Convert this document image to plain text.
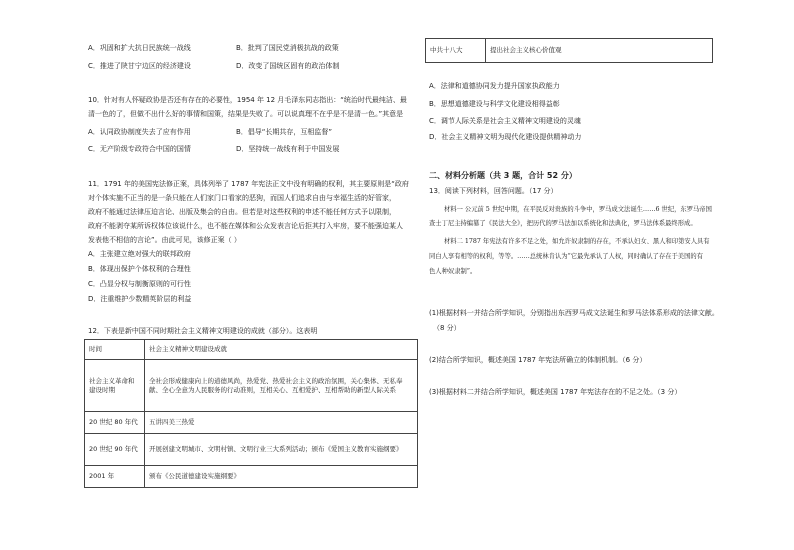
A．巩固和扩大抗日民族统一战线	B．批判了国民党消极抗战的政策
C．推进了陕甘宁边区的经济建设	D．改变了国统区固有的政治体制
10．针对有人怀疑政协是否还有存在的必要性，1954 年 12 月毛泽东同志指出：“统治时代最纯洁、最
清一色的了，但做不出什么好的事情和国策，结果是失败了。可以说真理不在乎是不是清一色。”其意是
A．认同政协制度失去了应有作用	B．倡导“长期共存，互相监督”
C．无产阶级专政符合中国的国情	D．坚持统一战线有利于中国发展
11．1791 年的美国宪法修正案，具体列举了 1787 年宪法正文中没有明确的权利，其主要原则是“政府
对个体实施不正当的是一条只能在人们家门口看家的恶狗，而国人们追求自由与幸福生活的好管家，
政府不能通过法律压迫言论、出版及集会的自由。但若是对这些权利的申述不能任何方式予以限制，
政府不能剥夺某所诉权体位该说什么，也不能在媒体和公众发表言论后拒其打入牢房，要不能强迫某人
发表他不相信的言论”。由此可见，该修正案（ ）
A．主张建立绝对强大的联邦政府
B．体现出保护个体权利的合理性
C．凸显分权与制衡原则的可行性
D．注重维护少数精英阶层的利益
12．下表是新中国不同时期社会主义精神文明建设的成就（部分）。这表明
时间	社会主义精神文明建设成就
社会主义革命和建设时期	全社会形成健康向上的道德风尚，热爱党、热爱社会主义的政治氛围，关心集体、无私奉献、全心全意为人民服务的行动准则，互相关心、互相爱护、互相帮助的新型人际关系
20 世纪 80 年代	五讲四美三热爱
20 世纪 90 年代	开展创建文明城市、文明村镇、文明行业三大系列活动；颁布《爱国主义教育实施纲要》
2001 年	颁布《公民道德建设实施纲要》
中共十八大	提出社会主义核心价值观
A．法律和道德协同发力提升国家执政能力
B．思想道德建设与科学文化建设相得益彰
C．调节人际关系是社会主义精神文明建设的灵魂
D．社会主义精神文明为现代化建设提供精神动力
二、材料分析题（共 3 题，合计 52 分）
13．阅读下列材料，回答问题。（17 分）
材料一 公元前 5 世纪中期，在平民反对贵族的斗争中，罗马成文法诞生……6 世纪，东罗马帝国
查士丁尼主持编纂了《民法大全》，把历代的罗马法加以系统化和法典化，罗马法体系最终形成。
材料二 1787 年宪法有许多不足之处，如允许奴隶制的存在，不承认妇女、黑人和印第安人具有
同白人享有相等的权利，等等。……总统林肯认为“它最先承认了人权，同时确认了存在于美国的有
色人种奴隶制”。
(1)根据材料一并结合所学知识，分别指出东西罗马成文法诞生和罗马法体系形成的法律文献。
（8 分）
(2)结合所学知识，概述美国 1787 年宪法所确立的体制机制。（6 分）
(3)根据材料二并结合所学知识，概述美国 1787 年宪法存在的不足之处。（3 分）
